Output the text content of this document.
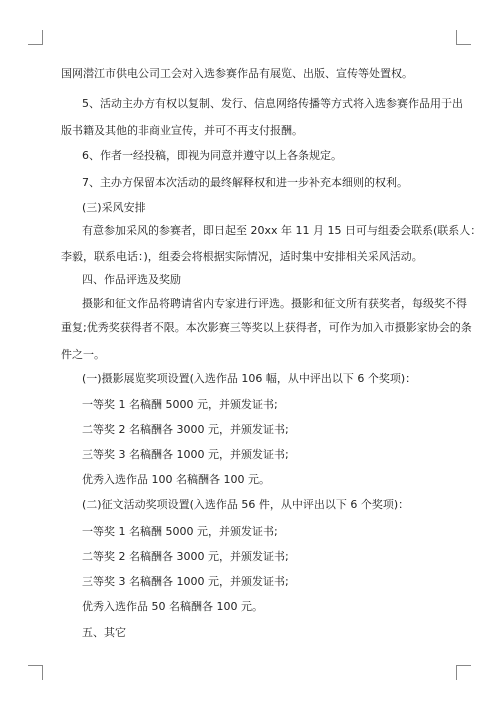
国网潜江市供电公司工会对入选参赛作品有展览、出版、宣传等处置权。
5、活动主办方有权以复制、发行、信息网络传播等方式将入选参赛作品用于出
版书籍及其他的非商业宣传，并可不再支付报酬。
6、作者一经投稿，即视为同意并遵守以上各条规定。
7、主办方保留本次活动的最终解释权和进一步补充本细则的权利。
(三)采风安排
有意参加采风的参赛者，即日起至 20xx 年 11 月 15 日可与组委会联系(联系人：
李毅，联系电话：)，组委会将根据实际情况，适时集中安排相关采风活动。
四、作品评选及奖励
摄影和征文作品将聘请省内专家进行评选。摄影和征文所有获奖者，每级奖不得
重复;优秀奖获得者不限。本次影赛三等奖以上获得者，可作为加入市摄影家协会的条
件之一。
(一)摄影展览奖项设置(入选作品 106 幅，从中评出以下 6 个奖项)：
一等奖 1 名稿酬 5000 元，并颁发证书;
二等奖 2 名稿酬各 3000 元，并颁发证书;
三等奖 3 名稿酬各 1000 元，并颁发证书;
优秀入选作品 100 名稿酬各 100 元。
(二)征文活动奖项设置(入选作品 56 件，从中评出以下 6 个奖项)：
一等奖 1 名稿酬 5000 元，并颁发证书;
二等奖 2 名稿酬各 3000 元，并颁发证书;
三等奖 3 名稿酬各 1000 元，并颁发证书;
优秀入选作品 50 名稿酬各 100 元。
五、其它
